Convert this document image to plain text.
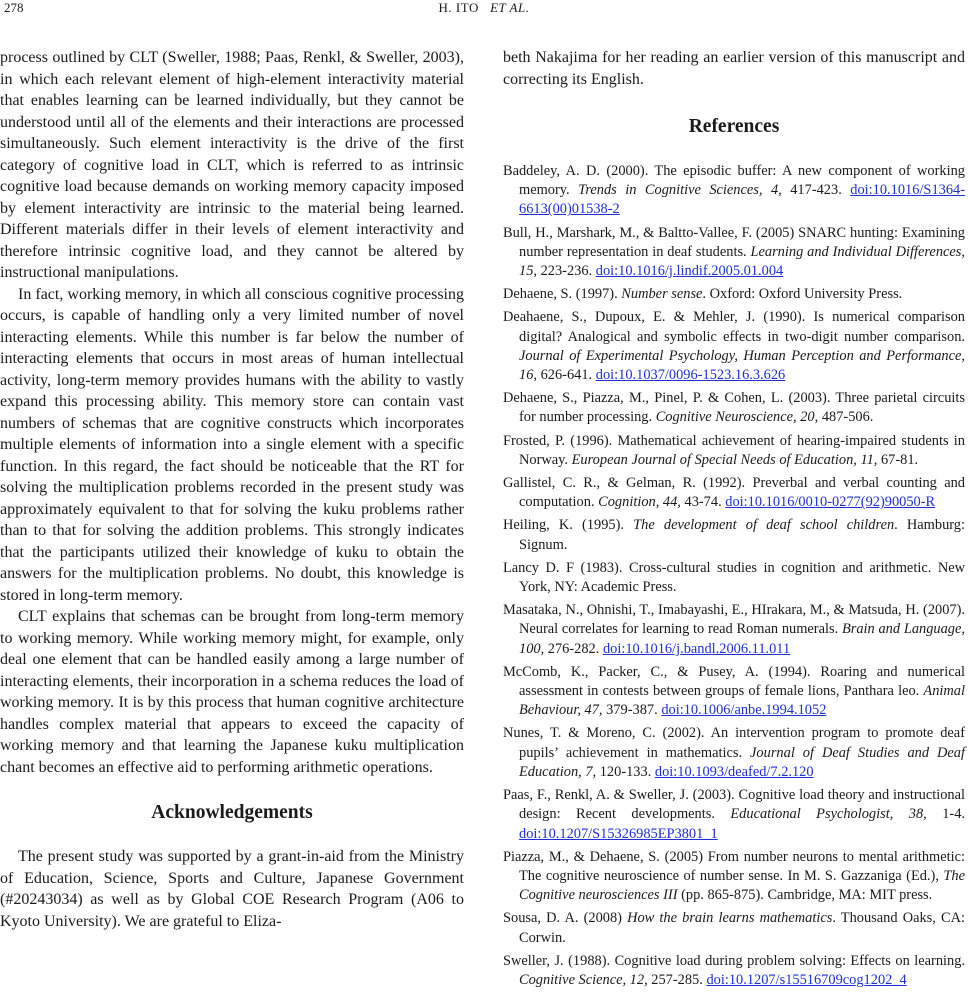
278	H. ITO ET AL.

process outlined by CLT (Sweller, 1988; Paas, Renkl, & Sweller, 2003), in which each relevant element of high-element interactivity material that enables learning can be learned individually, but they cannot be understood until all of the elements and their interactions are processed simultaneously. Such element interactivity is the drive of the first category of cognitive load in CLT, which is referred to as intrinsic cognitive load because demands on working memory capacity imposed by element interactivity are intrinsic to the material being learned. Different materials differ in their levels of element interactivity and therefore intrinsic cognitive load, and they cannot be altered by instructional manipulations.

In fact, working memory, in which all conscious cognitive processing occurs, is capable of handling only a very limited number of novel interacting elements. While this number is far below the number of interacting elements that occurs in most areas of human intellectual activity, long-term memory provides humans with the ability to vastly expand this processing ability. This memory store can contain vast numbers of schemas that are cognitive constructs which incorporates multiple elements of information into a single element with a specific function. In this regard, the fact should be noticeable that the RT for solving the multiplication problems recorded in the present study was approximately equivalent to that for solving the kuku problems rather than to that for solving the addition problems. This strongly indicates that the participants utilized their knowledge of kuku to obtain the answers for the multiplication problems. No doubt, this knowledge is stored in long-term memory.

CLT explains that schemas can be brought from long-term memory to working memory. While working memory might, for example, only deal one element that can be handled easily among a large number of interacting elements, their incorporation in a schema reduces the load of working memory. It is by this process that human cognitive architecture handles complex material that appears to exceed the capacity of working memory and that learning the Japanese kuku multiplication chant becomes an effective aid to performing arithmetic operations.

Acknowledgements

The present study was supported by a grant-in-aid from the Ministry of Education, Science, Sports and Culture, Japanese Government (#20243034) as well as by Global COE Research Program (A06 to Kyoto University). We are grateful to Eliza-

beth Nakajima for her reading an earlier version of this manuscript and correcting its English.

References

Baddeley, A. D. (2000). The episodic buffer: A new component of working memory. Trends in Cognitive Sciences, 4, 417-423. doi:10.1016/S1364-6613(00)01538-2

Bull, H., Marshark, M., & Baltto-Vallee, F. (2005) SNARC hunting: Examining number representation in deaf students. Learning and Individual Differences, 15, 223-236. doi:10.1016/j.lindif.2005.01.004

Dehaene, S. (1997). Number sense. Oxford: Oxford University Press.

Deahaene, S., Dupoux, E. & Mehler, J. (1990). Is numerical comparison digital? Analogical and symbolic effects in two-digit number comparison. Journal of Experimental Psychology, Human Perception and Performance, 16, 626-641. doi:10.1037/0096-1523.16.3.626

Dehaene, S., Piazza, M., Pinel, P. & Cohen, L. (2003). Three parietal circuits for number processing. Cognitive Neuroscience, 20, 487-506.

Frosted, P. (1996). Mathematical achievement of hearing-impaired students in Norway. European Journal of Special Needs of Education, 11, 67-81.

Gallistel, C. R., & Gelman, R. (1992). Preverbal and verbal counting and computation. Cognition, 44, 43-74. doi:10.1016/0010-0277(92)90050-R

Heiling, K. (1995). The development of deaf school children. Hamburg: Signum.

Lancy D. F (1983). Cross-cultural studies in cognition and arithmetic. New York, NY: Academic Press.

Masataka, N., Ohnishi, T., Imabayashi, E., HIrakara, M., & Matsuda, H. (2007). Neural correlates for learning to read Roman numerals. Brain and Language, 100, 276-282. doi:10.1016/j.bandl.2006.11.011

McComb, K., Packer, C., & Pusey, A. (1994). Roaring and numerical assessment in contests between groups of female lions, Panthara leo. Animal Behaviour, 47, 379-387. doi:10.1006/anbe.1994.1052

Nunes, T. & Moreno, C. (2002). An intervention program to promote deaf pupils’ achievement in mathematics. Journal of Deaf Studies and Deaf Education, 7, 120-133. doi:10.1093/deafed/7.2.120

Paas, F., Renkl, A. & Sweller, J. (2003). Cognitive load theory and instructional design: Recent developments. Educational Psychologist, 38, 1-4. doi:10.1207/S15326985EP3801_1

Piazza, M., & Dehaene, S. (2005) From number neurons to mental arithmetic: The cognitive neuroscience of number sense. In M. S. Gazzaniga (Ed.), The Cognitive neurosciences III (pp. 865-875). Cambridge, MA: MIT press.

Sousa, D. A. (2008) How the brain learns mathematics. Thousand Oaks, CA: Corwin.

Sweller, J. (1988). Cognitive load during problem solving: Effects on learning. Cognitive Science, 12, 257-285. doi:10.1207/s15516709cog1202_4
